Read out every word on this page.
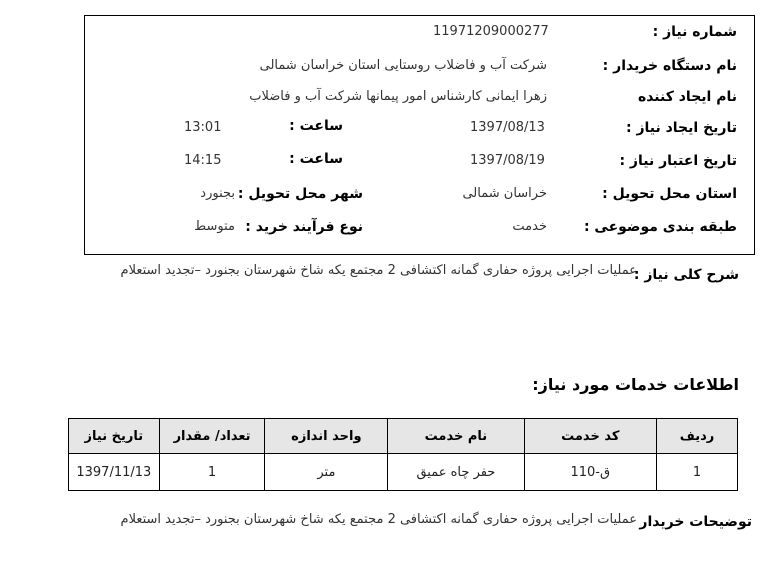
شماره نیاز :
11971209000277
نام دستگاه خریدار :
شرکت آب و فاضلاب روستایی استان خراسان شمالی
نام ایجاد کننده
زهرا ایمانی کارشناس امور پیمانها شرکت آب و فاضلاب
تاریخ ایجاد نیاز :
1397/08/13
ساعت :
13:01
تاریخ اعتبار نیاز :
1397/08/19
ساعت :
14:15
استان محل تحویل :
خراسان شمالی
شهر محل تحویل :
بجنورد
طبقه بندی موضوعی :
خدمت
نوع فرآیند خرید :
متوسط
شرح کلی نیاز :
عملیات اجرایی پروژه حفاری گمانه اکتشافی 2 مجتمع یکه شاخ شهرستان بجنورد –تجدید استعلام
اطلاعات خدمات مورد نیاز:
ردیف	کد خدمت	نام خدمت	واحد اندازه	تعداد/ مقدار	تاریخ نیاز
1	ق-110	حفر چاه عمیق	متر	1	1397/11/13
توضیحات خریدار
عملیات اجرایی پروژه حفاری گمانه اکتشافی 2 مجتمع یکه شاخ شهرستان بجنورد –تجدید استعلام
